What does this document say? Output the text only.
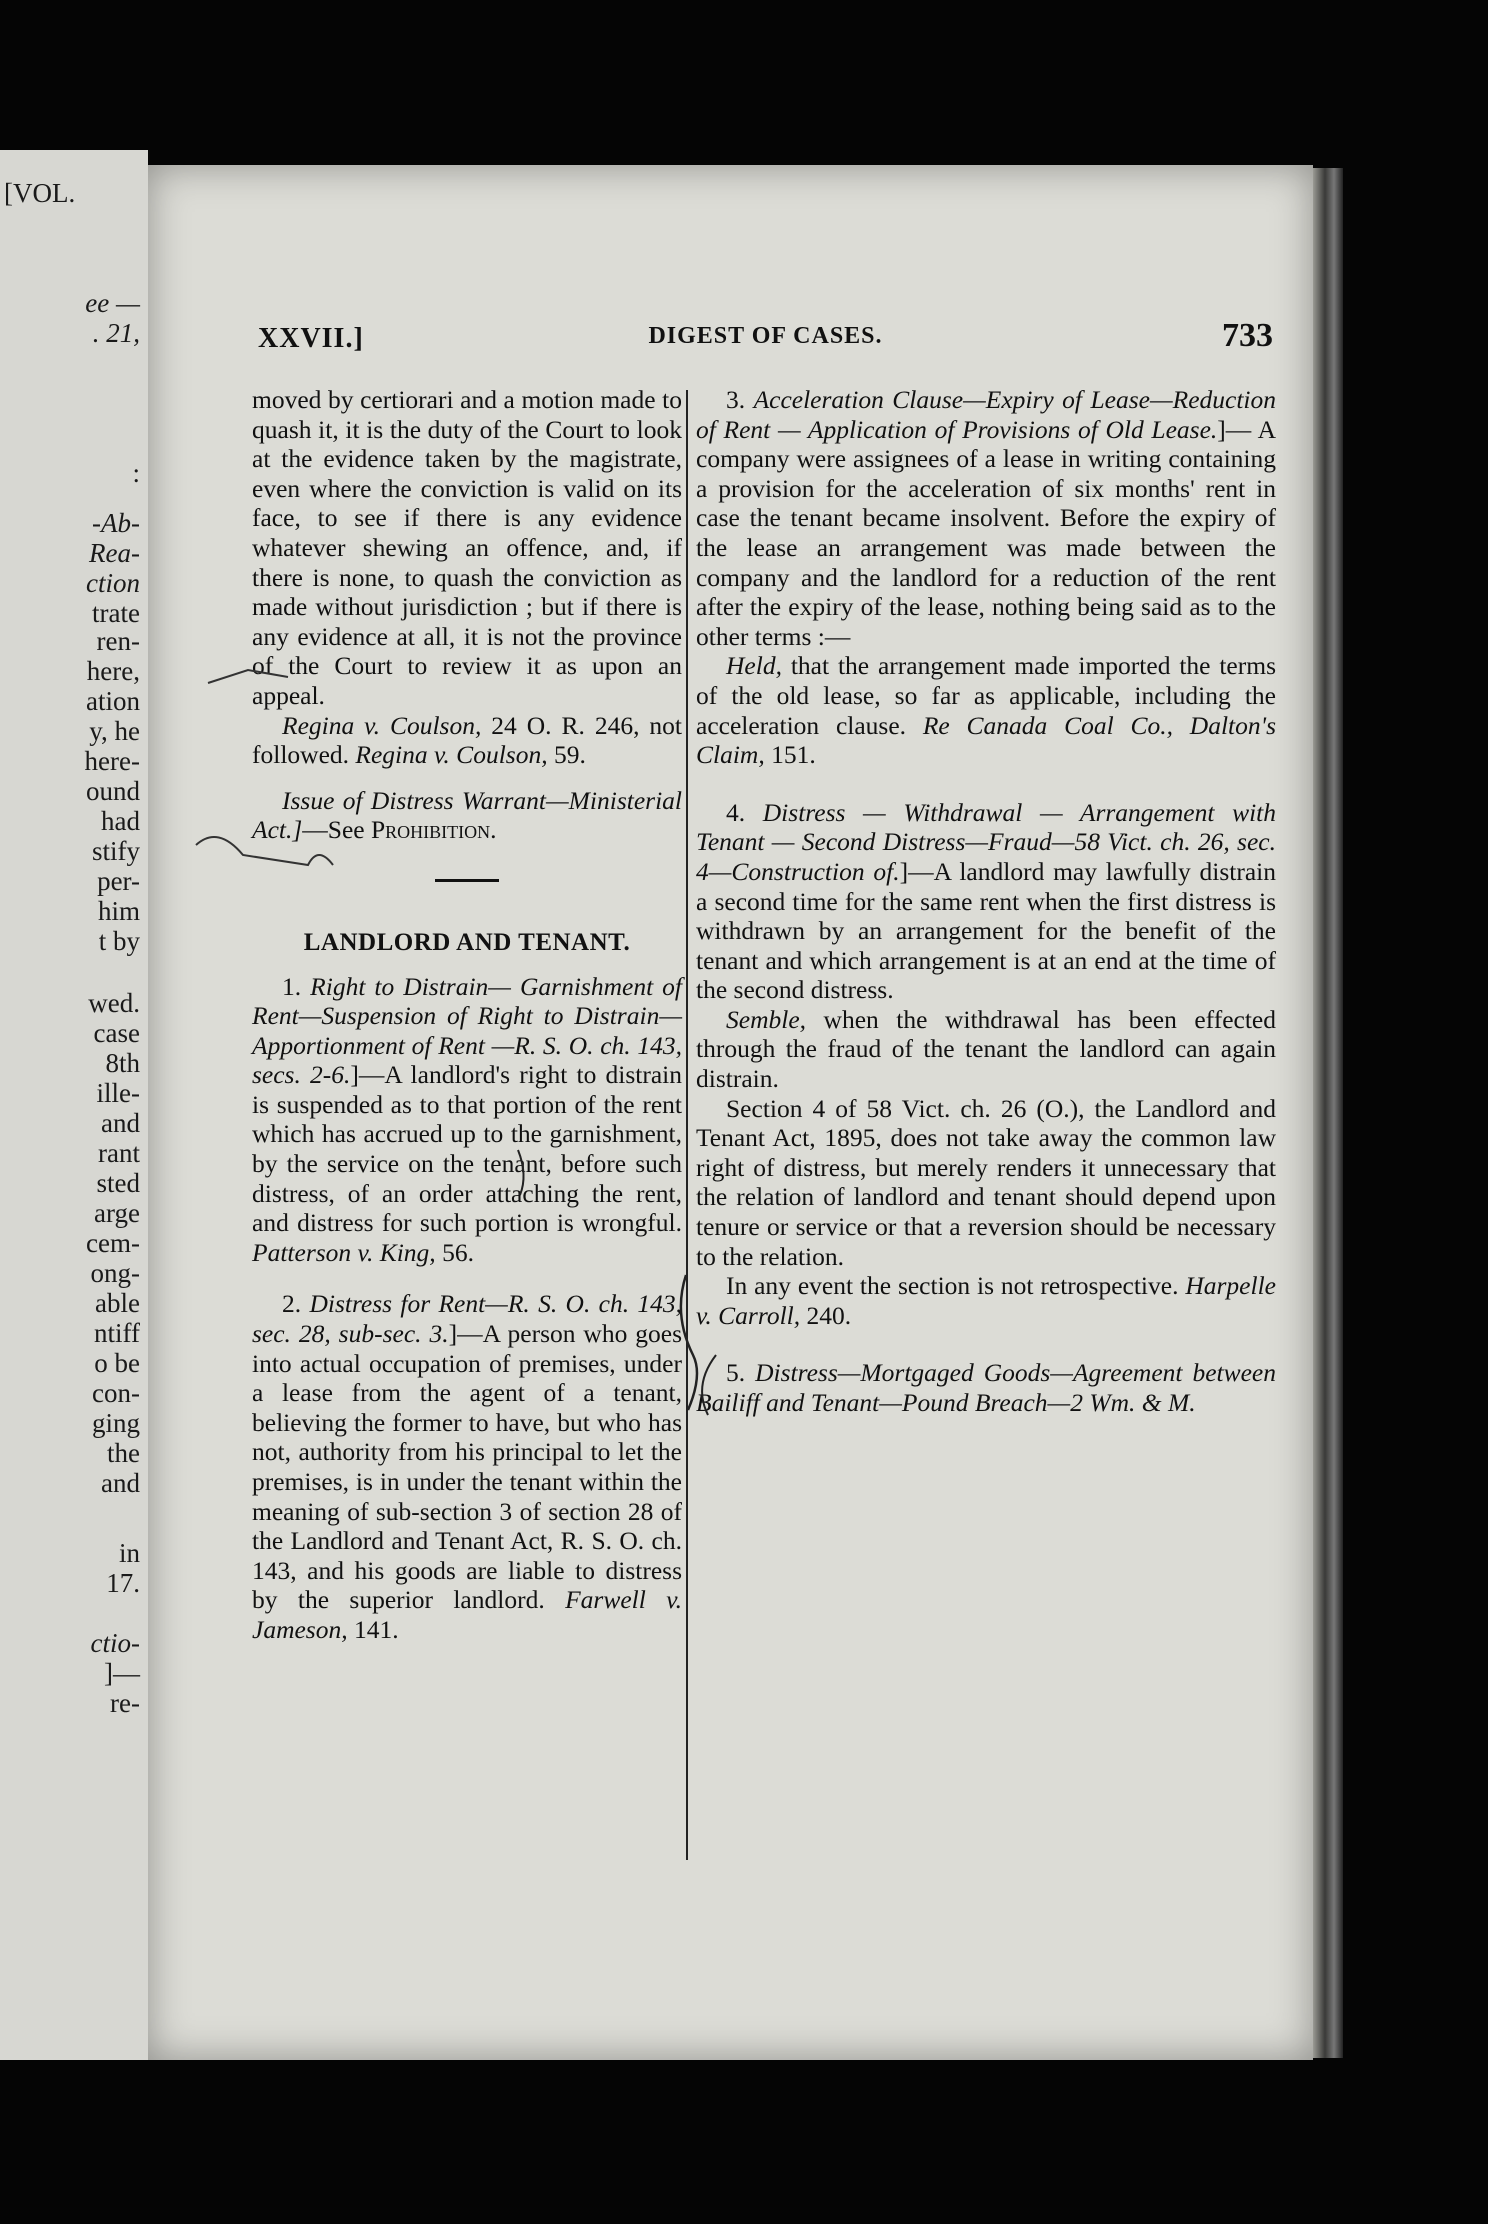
[VOL.
ee —
. 21,
:
-Ab-
Rea-
ction
trate
ren-
here,
ation
y, he
here-
ound
had
stify
per-
him
t by
wed.
case
8th
ille-
and
rant
sted
arge
cem-
ong-
able
ntiff
o be
con-
ging
the
and
in
17.
ctio-
]—
re-
XXVII.]	DIGEST OF CASES.	733

moved by certiorari and a motion made to quash it, it is the duty of the Court to look at the evidence taken by the magistrate, even where the conviction is valid on its face, to see if there is any evidence whatever shewing an offence, and, if there is none, to quash the conviction as made without jurisdiction ; but if there is any evidence at all, it is not the province of the Court to review it as upon an appeal.

Regina v. Coulson, 24 O. R. 246, not followed. Regina v. Coulson, 59.

Issue of Distress Warrant—Ministerial Act.]—See Prohibition.

LANDLORD AND TENANT.

1. Right to Distrain— Garnishment of Rent—Suspension of Right to Distrain—Apportionment of Rent —R. S. O. ch. 143, secs. 2-6.]—A landlord's right to distrain is suspended as to that portion of the rent which has accrued up to the garnishment, by the service on the tenant, before such distress, of an order attaching the rent, and distress for such portion is wrongful. Patterson v. King, 56.

2. Distress for Rent—R. S. O. ch. 143, sec. 28, sub-sec. 3.]—A person who goes into actual occupation of premises, under a lease from the agent of a tenant, believing the former to have, but who has not, authority from his principal to let the premises, is in under the tenant within the meaning of sub-section 3 of section 28 of the Landlord and Tenant Act, R. S. O. ch. 143, and his goods are liable to distress by the superior landlord. Farwell v. Jameson, 141.

3. Acceleration Clause—Expiry of Lease—Reduction of Rent — Application of Provisions of Old Lease.]— A company were assignees of a lease in writing containing a provision for the acceleration of six months' rent in case the tenant became insolvent. Before the expiry of the lease an arrangement was made between the company and the landlord for a reduction of the rent after the expiry of the lease, nothing being said as to the other terms :—

Held, that the arrangement made imported the terms of the old lease, so far as applicable, including the acceleration clause. Re Canada Coal Co., Dalton's Claim, 151.

4. Distress — Withdrawal — Arrangement with Tenant — Second Distress—Fraud—58 Vict. ch. 26, sec. 4—Construction of.]—A landlord may lawfully distrain a second time for the same rent when the first distress is withdrawn by an arrangement for the benefit of the tenant and which arrangement is at an end at the time of the second distress.

Semble, when the withdrawal has been effected through the fraud of the tenant the landlord can again distrain.

Section 4 of 58 Vict. ch. 26 (O.), the Landlord and Tenant Act, 1895, does not take away the common law right of distress, but merely renders it unnecessary that the relation of landlord and tenant should depend upon tenure or service or that a reversion should be necessary to the relation.

In any event the section is not retrospective. Harpelle v. Carroll, 240.

5. Distress—Mortgaged Goods—Agreement between Bailiff and Tenant—Pound Breach—2 Wm. & M.
